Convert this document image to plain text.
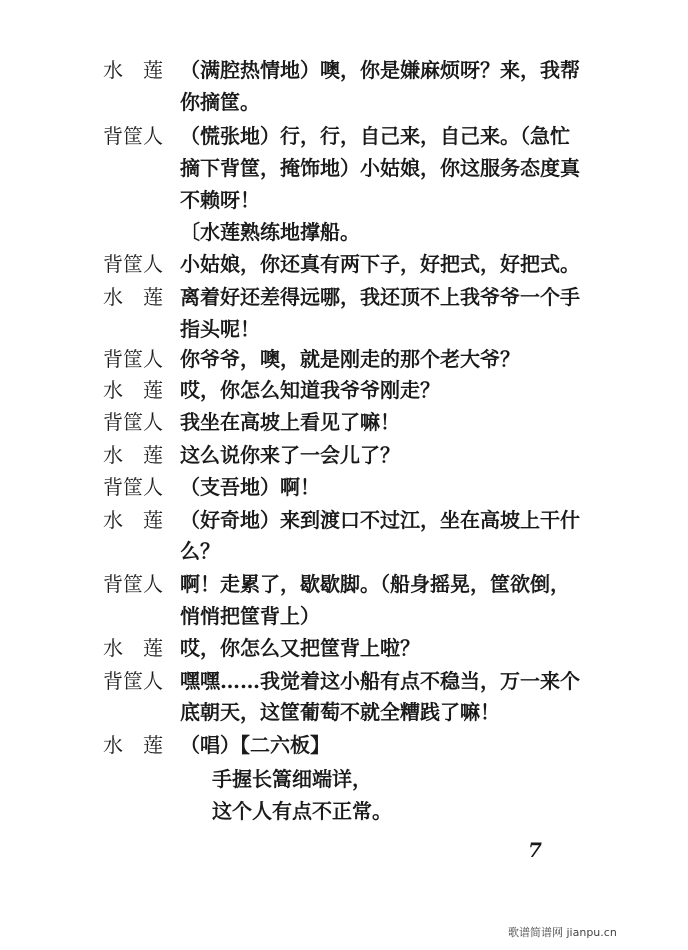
水　莲 （满腔热情地）噢，你是嫌麻烦呀？来，我帮
你摘筐。
背筐人 （慌张地）行，行，自己来，自己来。（急忙
摘下背筐，掩饰地）小姑娘，你这服务态度真
不赖呀！
〔水莲熟练地撑船。
背筐人 小姑娘，你还真有两下子，好把式，好把式。
水　莲 离着好还差得远哪，我还顶不上我爷爷一个手
指头呢！
背筐人 你爷爷，噢，就是刚走的那个老大爷？
水　莲 哎，你怎么知道我爷爷刚走？
背筐人 我坐在高坡上看见了嘛！
水　莲 这么说你来了一会儿了？
背筐人 （支吾地）啊！
水　莲 （好奇地）来到渡口不过江，坐在高坡上干什
么？
背筐人 啊！走累了，歇歇脚。（船身摇晃，筐欲倒，
悄悄把筐背上）
水　莲 哎，你怎么又把筐背上啦？
背筐人 嘿嘿……我觉着这小船有点不稳当，万一来个
底朝天，这筐葡萄不就全糟践了嘛！
水　莲 （唱）【二六板】
手握长篙细端详，
这个人有点不正常。
7
歌谱简谱网 jianpu.cn
